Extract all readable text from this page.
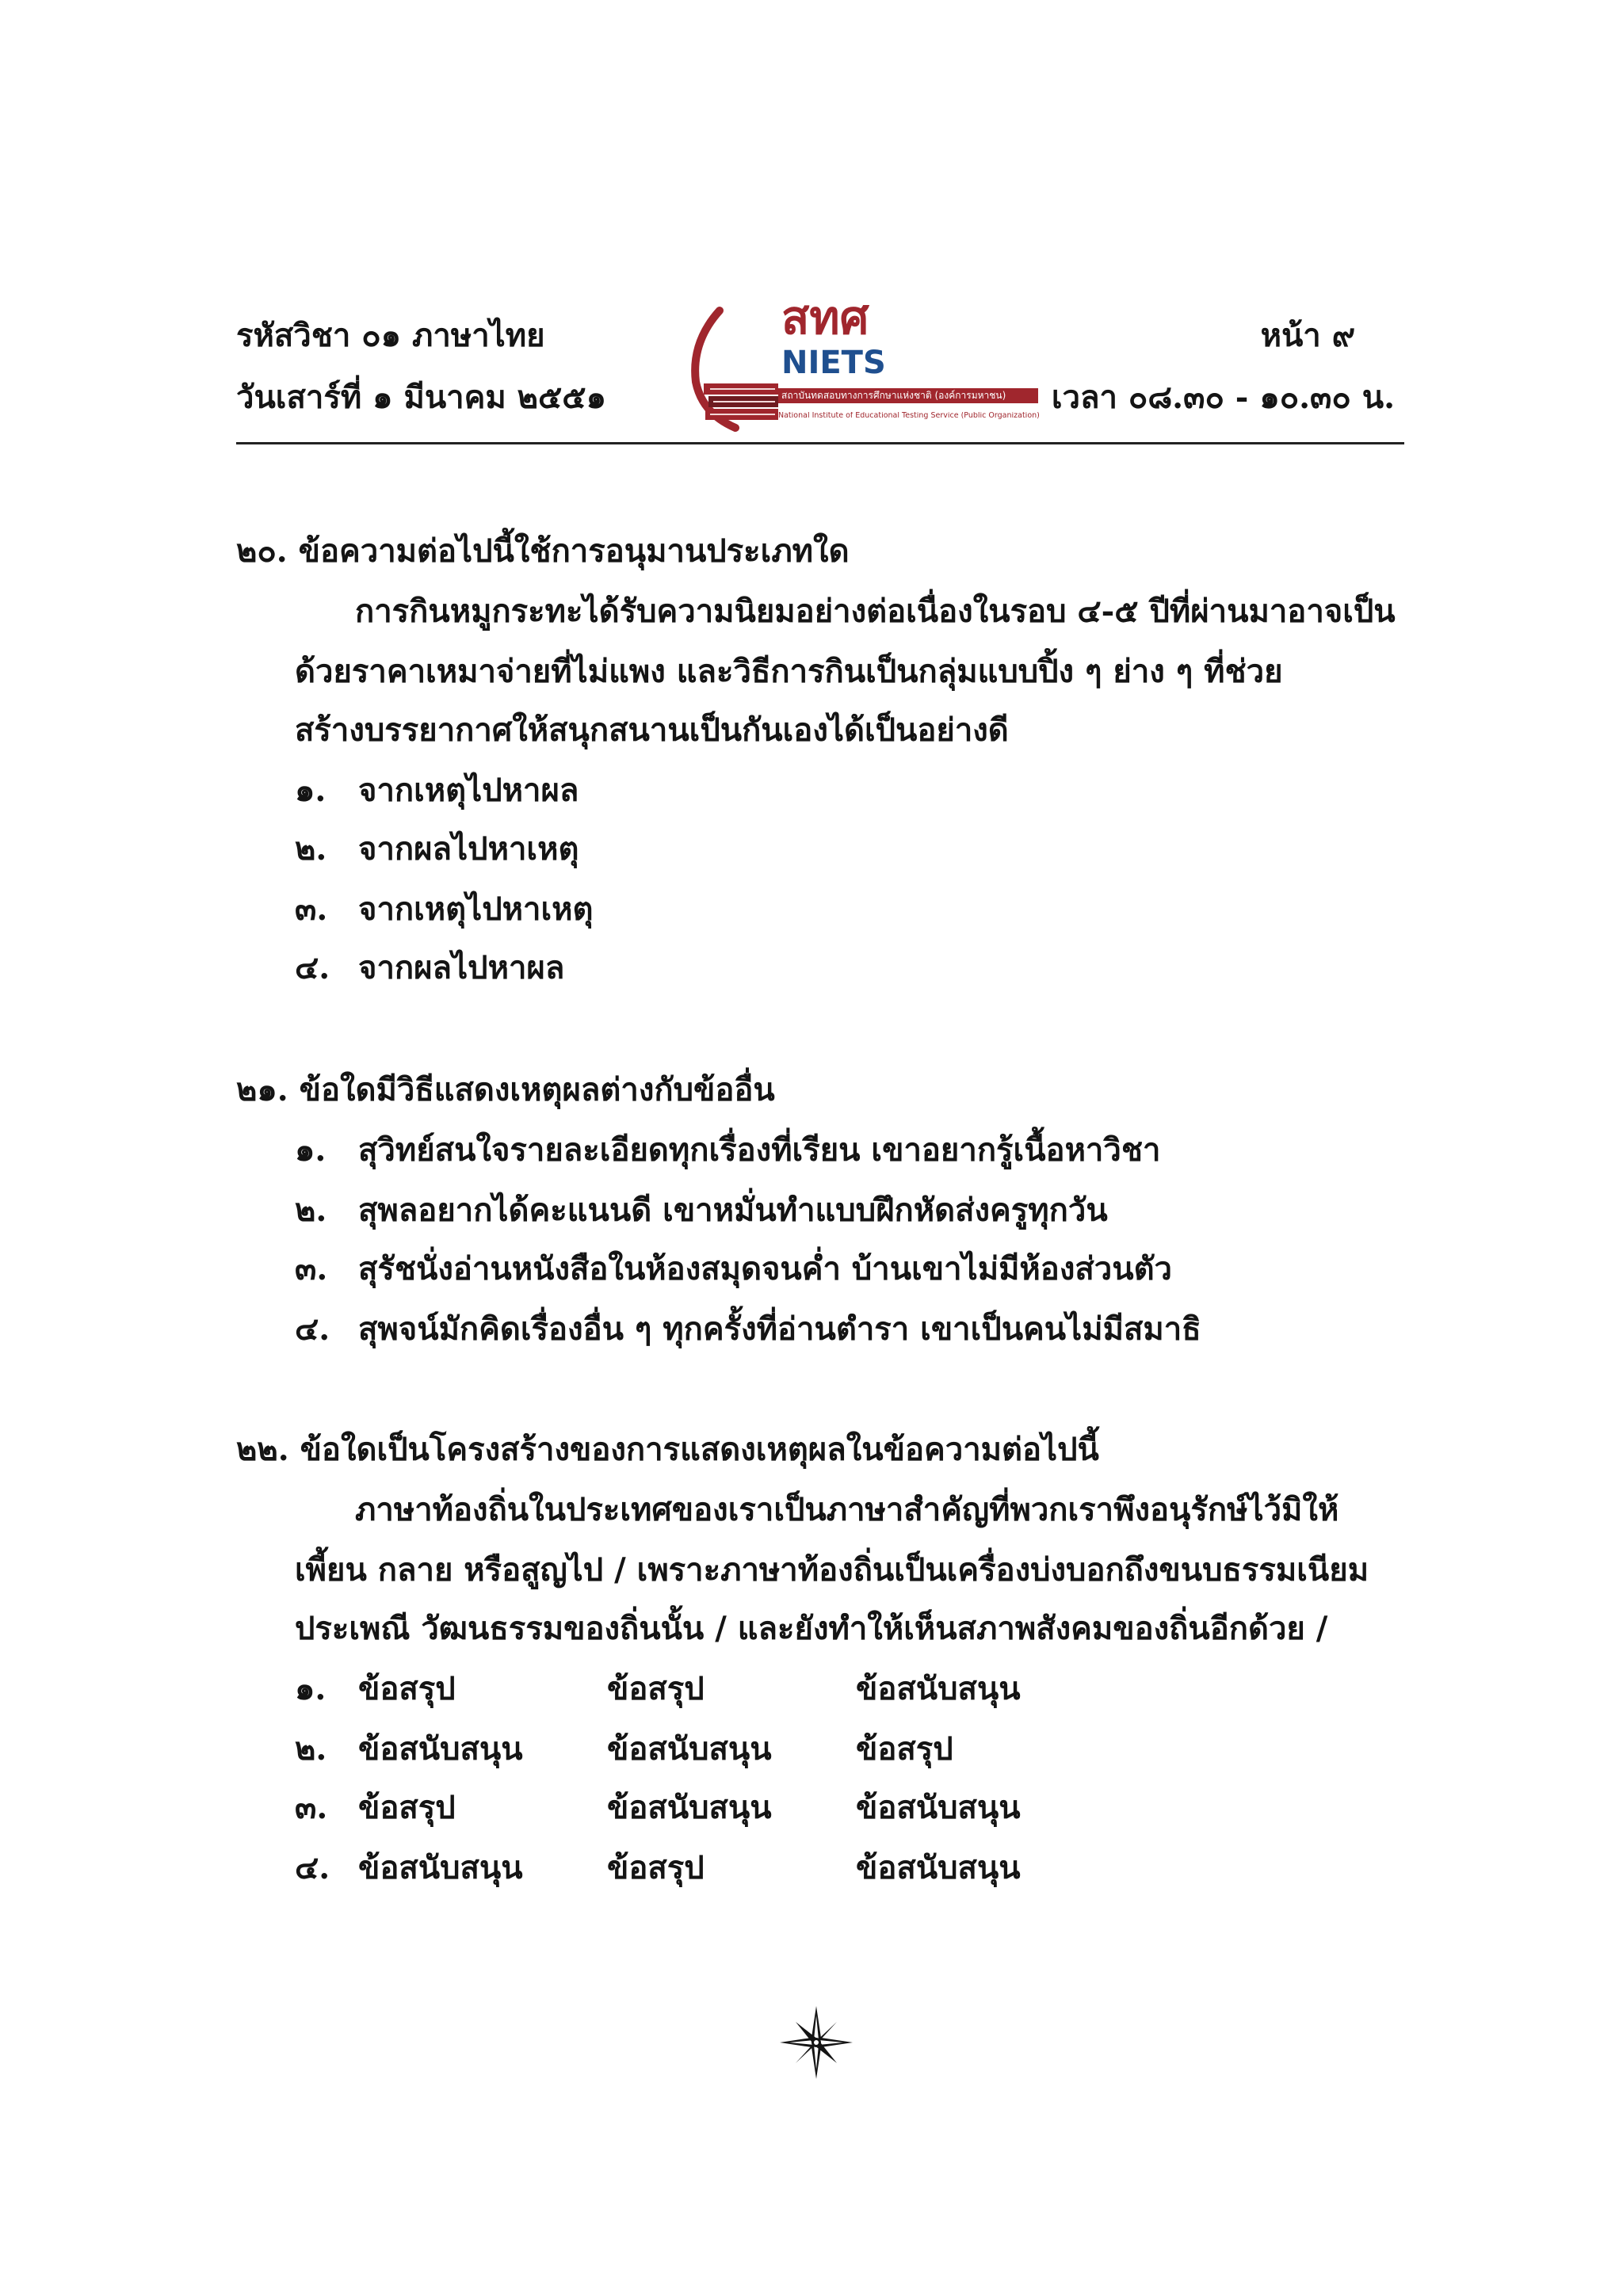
รหัสวิชา ๐๑ ภาษาไทย
วันเสาร์ที่ ๑ มีนาคม ๒๕๕๑
หน้า ๙
เวลา ๐๘.๓๐ - ๑๐.๓๐ น.
สทศ
NIETS
สถาบันทดสอบทางการศึกษาแห่งชาติ (องค์การมหาชน)
National Institute of Educational Testing Service (Public Organization)
๒๐. ข้อความต่อไปนี้ใช้การอนุมานประเภทใด
การกินหมูกระทะได้รับความนิยมอย่างต่อเนื่องในรอบ ๔-๕ ปีที่ผ่านมาอาจเป็น
ด้วยราคาเหมาจ่ายที่ไม่แพง และวิธีการกินเป็นกลุ่มแบบปิ้ง ๆ ย่าง ๆ ที่ช่วย
สร้างบรรยากาศให้สนุกสนานเป็นกันเองได้เป็นอย่างดี
๑. จากเหตุไปหาผล
๒. จากผลไปหาเหตุ
๓. จากเหตุไปหาเหตุ
๔. จากผลไปหาผล
๒๑. ข้อใดมีวิธีแสดงเหตุผลต่างกับข้ออื่น
๑. สุวิทย์สนใจรายละเอียดทุกเรื่องที่เรียน เขาอยากรู้เนื้อหาวิชา
๒. สุพลอยากได้คะแนนดี เขาหมั่นทำแบบฝึกหัดส่งครูทุกวัน
๓. สุรัชนั่งอ่านหนังสือในห้องสมุดจนค่ำ บ้านเขาไม่มีห้องส่วนตัว
๔. สุพจน์มักคิดเรื่องอื่น ๆ ทุกครั้งที่อ่านตำรา เขาเป็นคนไม่มีสมาธิ
๒๒. ข้อใดเป็นโครงสร้างของการแสดงเหตุผลในข้อความต่อไปนี้
ภาษาท้องถิ่นในประเทศของเราเป็นภาษาสำคัญที่พวกเราพึงอนุรักษ์ไว้มิให้
เพี้ยน กลาย หรือสูญไป / เพราะภาษาท้องถิ่นเป็นเครื่องบ่งบอกถึงขนบธรรมเนียม
ประเพณี วัฒนธรรมของถิ่นนั้น / และยังทำให้เห็นสภาพสังคมของถิ่นอีกด้วย /
๑. ข้อสรุป	ข้อสรุป	ข้อสนับสนุน
๒. ข้อสนับสนุน	ข้อสนับสนุน	ข้อสรุป
๓. ข้อสรุป	ข้อสนับสนุน	ข้อสนับสนุน
๔. ข้อสนับสนุน	ข้อสรุป	ข้อสนับสนุน
